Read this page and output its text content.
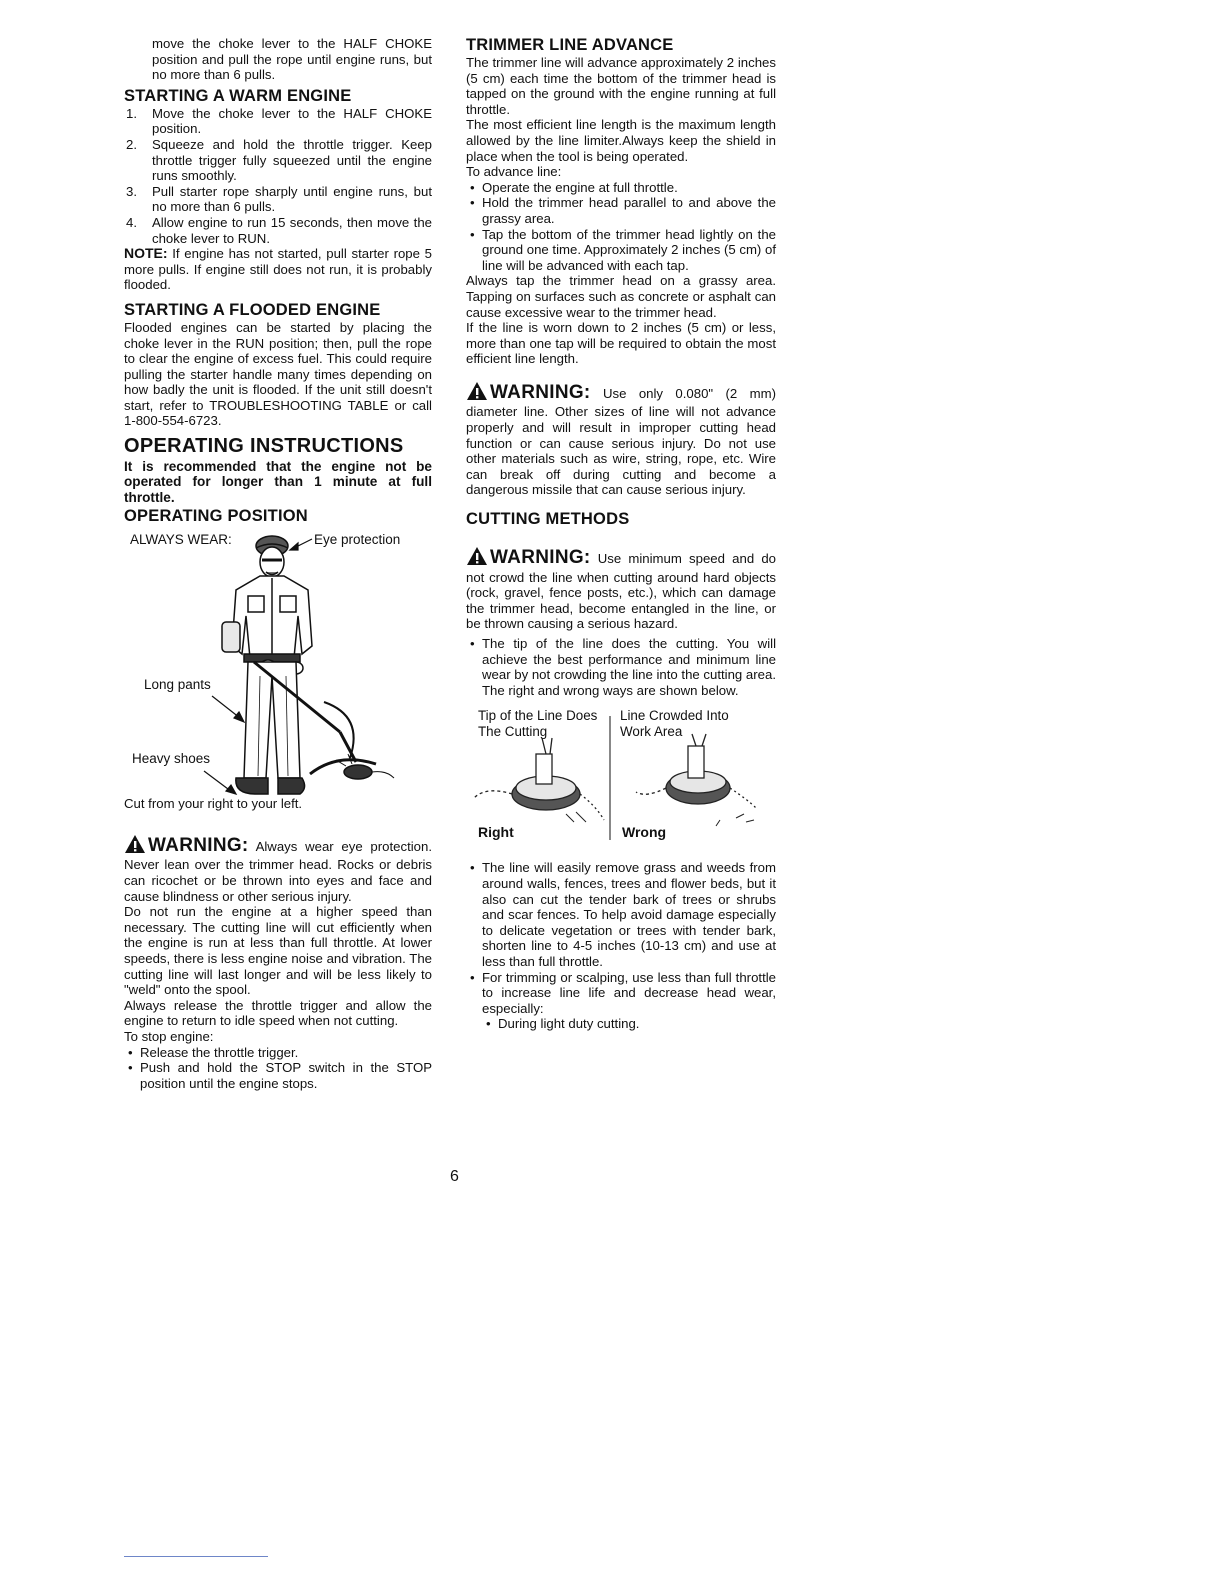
move the choke lever to the HALF CHOKE position and pull the rope until engine runs, but no more than 6 pulls.

STARTING A WARM ENGINE
1. Move the choke lever to the HALF CHOKE position.
2. Squeeze and hold the throttle trigger. Keep throttle trigger fully squeezed until the engine runs smoothly.
3. Pull starter rope sharply until engine runs, but no more than 6 pulls.
4. Allow engine to run 15 seconds, then move the choke lever to RUN.

NOTE: If engine has not started, pull starter rope 5 more pulls. If engine still does not run, it is probably flooded.

STARTING A FLOODED ENGINE

Flooded engines can be started by placing the choke lever in the RUN position; then, pull the rope to clear the engine of excess fuel. This could require pulling the starter handle many times depending on how badly the unit is flooded. If the unit still doesn't start, refer to TROUBLESHOOTING TABLE or call 1-800-554-6723.

OPERATING INSTRUCTIONS

It is recommended that the engine not be operated for longer than 1 minute at full throttle.

OPERATING POSITION
ALWAYS WEAR:	Eye protection
Long pants
Heavy shoes

Cut from your right to your left.

WARNING: Always wear eye protection. Never lean over the trimmer head. Rocks or debris can ricochet or be thrown into eyes and face and cause blindness or other serious injury.

Do not run the engine at a higher speed than necessary. The cutting line will cut efficiently when the engine is run at less than full throttle. At lower speeds, there is less engine noise and vibration. The cutting line will last longer and will be less likely to "weld" onto the spool.

Always release the throttle trigger and allow the engine to return to idle speed when not cutting.

To stop engine:

• Release the throttle trigger.
• Push and hold the STOP switch in the STOP position until the engine stops.
TRIMMER LINE ADVANCE

The trimmer line will advance approximately 2 inches (5 cm) each time the bottom of the trimmer head is tapped on the ground with the engine running at full throttle.

The most efficient line length is the maximum length allowed by the line limiter.Always keep the shield in place when the tool is being operated.

To advance line:

• Operate the engine at full throttle.
• Hold the trimmer head parallel to and above the grassy area.
• Tap the bottom of the trimmer head lightly on the ground one time. Approximately 2 inches (5 cm) of line will be advanced with each tap.

Always tap the trimmer head on a grassy area. Tapping on surfaces such as concrete or asphalt can cause excessive wear to the trimmer head.

If the line is worn down to 2 inches (5 cm) or less, more than one tap will be required to obtain the most efficient line length.

WARNING: Use only 0.080" (2 mm) diameter line. Other sizes of line will not advance properly and will result in improper cutting head function or can cause serious injury. Do not use other materials such as wire, string, rope, etc. Wire can break off during cutting and become a dangerous missile that can cause serious injury.

CUTTING METHODS

WARNING: Use minimum speed and do not crowd the line when cutting around hard objects (rock, gravel, fence posts, etc.), which can damage the trimmer head, become entangled in the line, or be thrown causing a serious hazard.

• The tip of the line does the cutting. You will achieve the best performance and minimum line wear by not crowding the line into the cutting area. The right and wrong ways are shown below.
Tip of the Line Does The Cutting
Line Crowded Into Work Area
Right	Wrong
• The line will easily remove grass and weeds from around walls, fences, trees and flower beds, but it also can cut the tender bark of trees or shrubs and scar fences. To help avoid damage especially to delicate vegetation or trees with tender bark, shorten line to 4-5 inches (10-13 cm) and use at less than full throttle.
• For trimming or scalping, use less than full throttle to increase line life and decrease head wear, especially:
• During light duty cutting.
6
